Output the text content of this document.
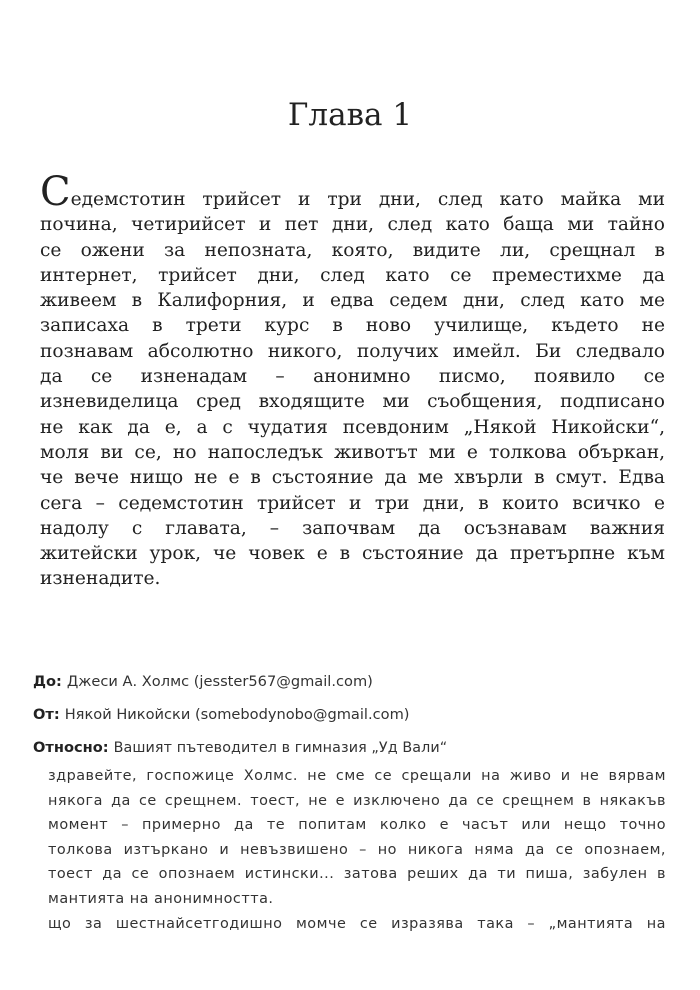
Глава 1
Седемстотин трийсет и три дни, след като майка ми
почина, четирийсет и пет дни, след като баща ми тайно
се ожени за непозната, която, видите ли, срещнал в
интернет, трийсет дни, след като се преместихме да
живеем в Калифорния, и едва седем дни, след като ме
записаха в трети курс в ново училище, където не
познавам абсолютно никого, получих имейл. Би следвало
да се изненадам – анонимно писмо, появило се
изневиделица сред входящите ми съобщения, подписано
не как да е, а с чудатия псевдоним „Някой Никойски“,
моля ви се, но напоследък животът ми е толкова объркан,
че вече нищо не е в състояние да ме хвърли в смут. Едва
сега – седемстотин трийсет и три дни, в които всичко е
надолу с главата, – започвам да осъзнавам важния
житейски урок, че човек е в състояние да претърпне към
изненадите.
До: Джеси А. Холмс (jesster567@gmail.com)
От: Някой Никойски (somebodynobo@gmail.com)
Относно: Вашият пътеводител в гимназия „Уд Вали“
здравейте, госпожице Холмс. не сме се срещали на живо и не вярвам
някога да се срещнем. тоест, не е изключено да се срещнем в някакъв
момент – примерно да те попитам колко е часът или нещо точно
толкова изтъркано и невъзвишено – но никога няма да се опознаем,
тоест да се опознаем истински... затова реших да ти пиша, забулен в
мантията на анонимността.
що за шестнайсетгодишно момче се изразява така – „мантията на
